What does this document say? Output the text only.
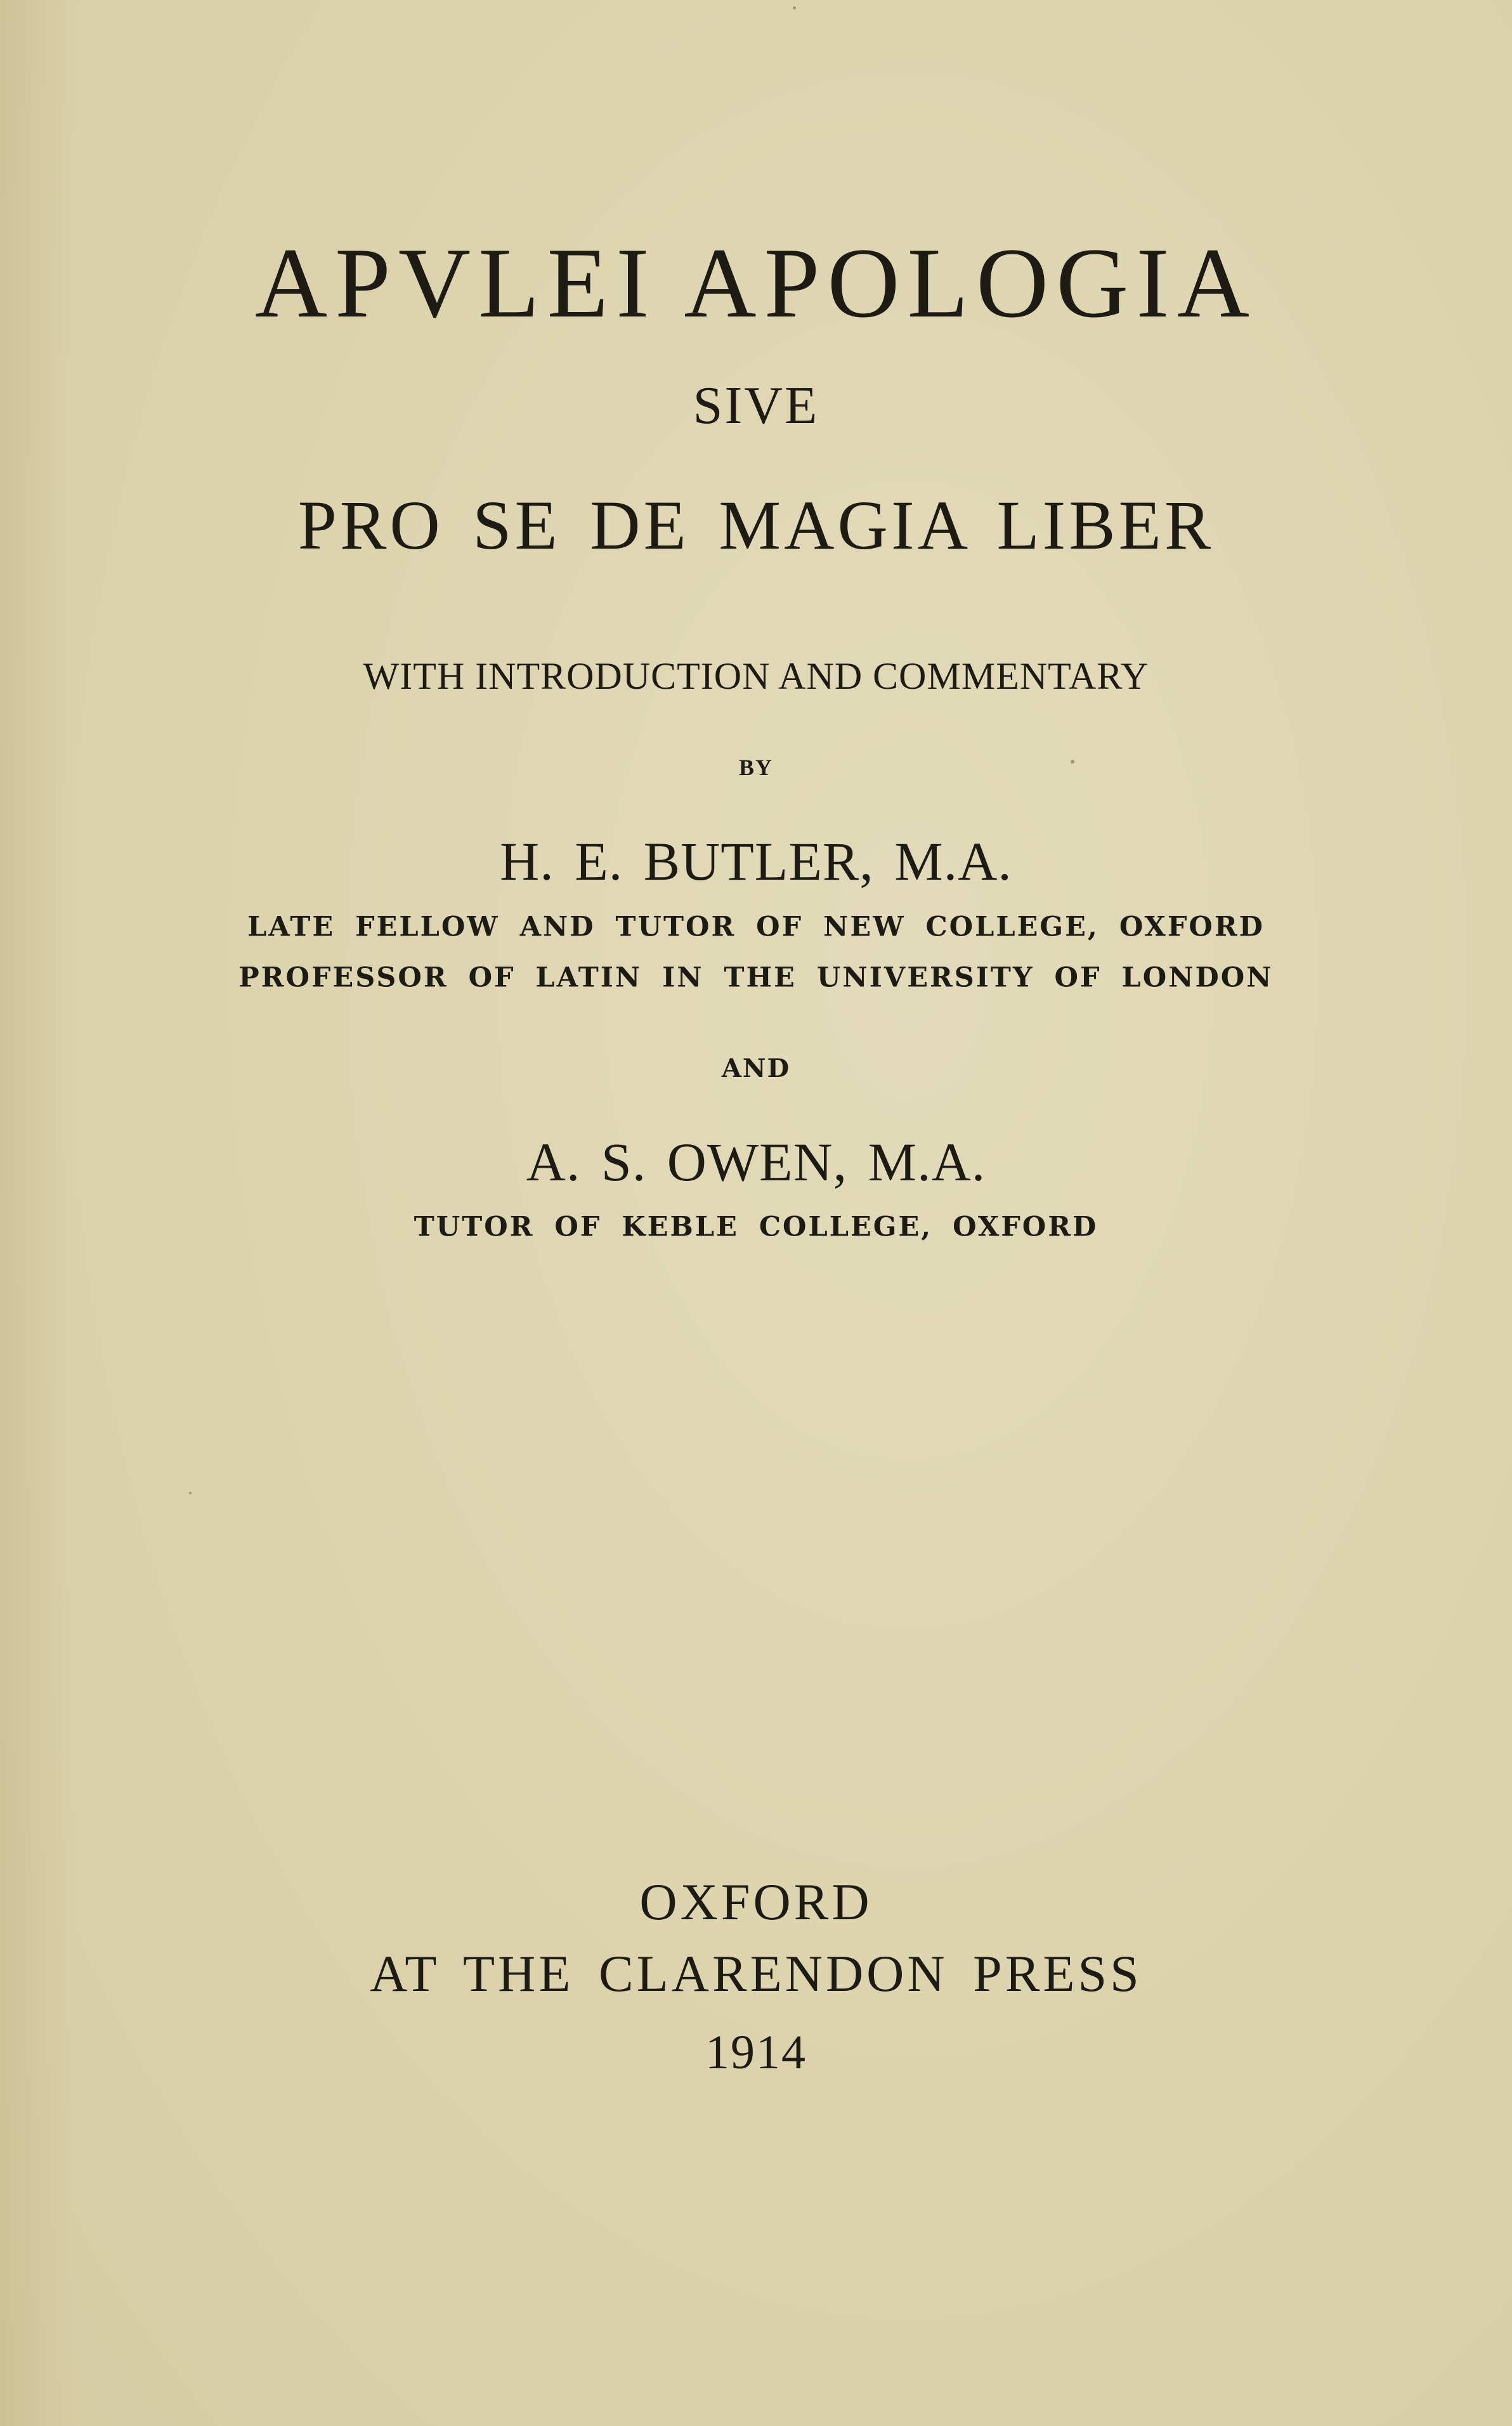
APVLEI APOLOGIA
SIVE
PRO SE DE MAGIA LIBER
WITH INTRODUCTION AND COMMENTARY
BY
H. E. BUTLER, M.A.
LATE FELLOW AND TUTOR OF NEW COLLEGE, OXFORD
PROFESSOR OF LATIN IN THE UNIVERSITY OF LONDON
AND
A. S. OWEN, M.A.
TUTOR OF KEBLE COLLEGE, OXFORD
OXFORD
AT THE CLARENDON PRESS
1914
